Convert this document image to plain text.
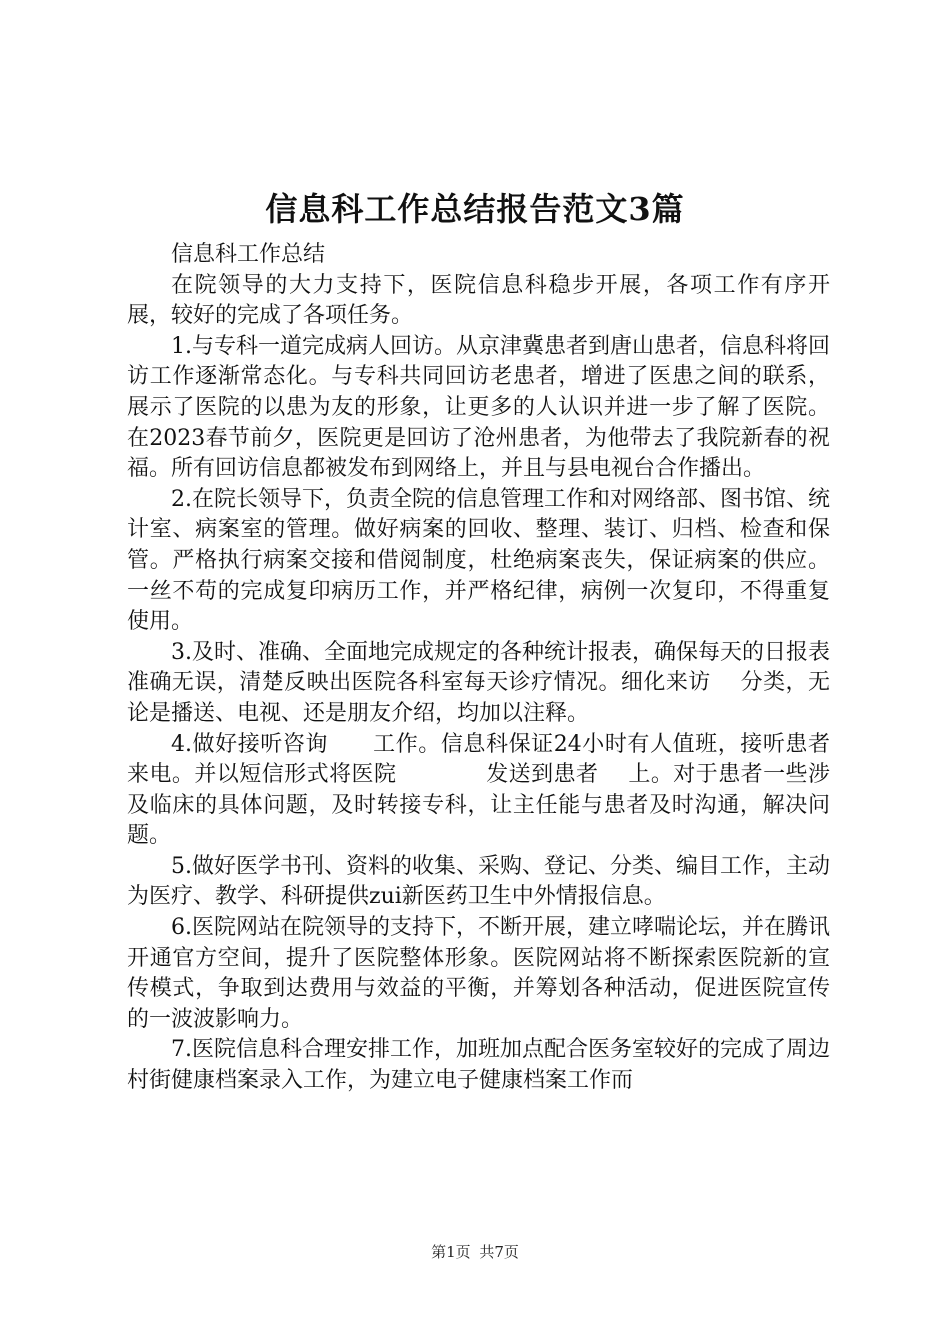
信息科工作总结报告范文3篇

信息科工作总结

在院领导的大力支持下，医院信息科稳步开展，各项工作有序开展，较好的完成了各项任务。

1.与专科一道完成病人回访。从京津冀患者到唐山患者，信息科将回访工作逐渐常态化。与专科共同回访老患者，增进了医患之间的联系，展示了医院的以患为友的形象，让更多的人认识并进一步了解了医院。在2023春节前夕，医院更是回访了沧州患者，为他带去了我院新春的祝福。所有回访信息都被发布到网络上，并且与县电视台合作播出。

2.在院长领导下，负责全院的信息管理工作和对网络部、图书馆、统计室、病案室的管理。做好病案的回收、整理、装订、归档、检查和保管。严格执行病案交接和借阅制度，杜绝病案丧失，保证病案的供应。一丝不苟的完成复印病历工作，并严格纪律，病例一次复印，不得重复使用。

3.及时、准确、全面地完成规定的各种统计报表，确保每天的日报表准确无误，清楚反映出医院各科室每天诊疗情况。细化来访　 分类，无论是播送、电视、还是朋友介绍，均加以注释。

4.做好接听咨询　　工作。信息科保证24小时有人值班，接听患者来电。并以短信形式将医院　　　　发送到患者　 上。对于患者一些涉及临床的具体问题，及时转接专科，让主任能与患者及时沟通，解决问题。

5.做好医学书刊、资料的收集、采购、登记、分类、编目工作，主动为医疗、教学、科研提供zui新医药卫生中外情报信息。

6.医院网站在院领导的支持下，不断开展，建立哮喘论坛，并在腾讯开通官方空间，提升了医院整体形象。医院网站将不断探索医院新的宣传模式，争取到达费用与效益的平衡，并筹划各种活动，促进医院宣传的一波波影响力。

7.医院信息科合理安排工作，加班加点配合医务室较好的完成了周边村街健康档案录入工作，为建立电子健康档案工作而

第1页 共7页
